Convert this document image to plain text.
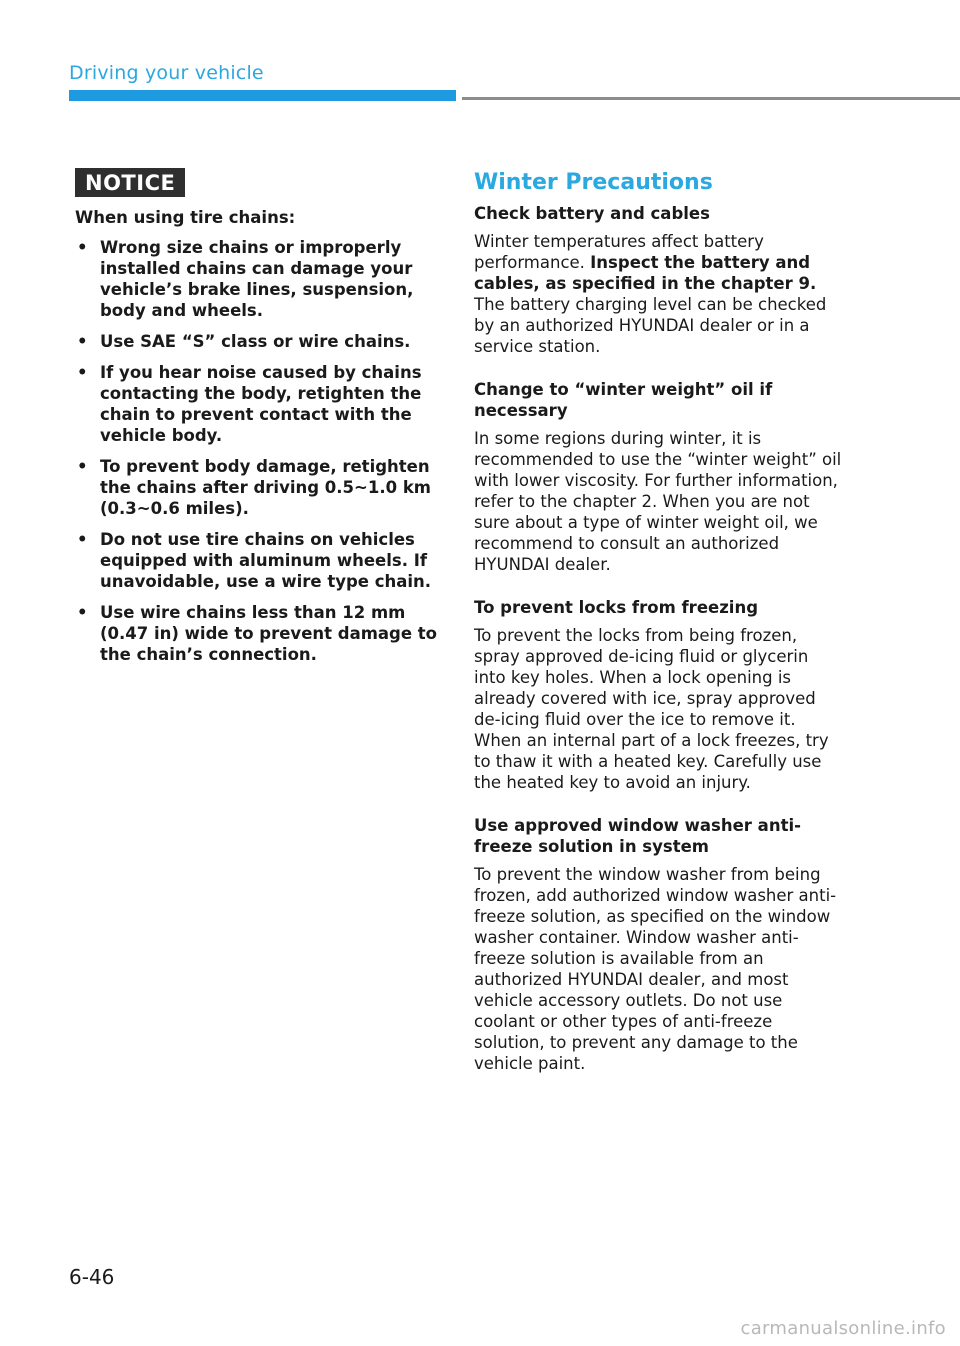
Driving your vehicle
NOTICE

When using tire chains:

• Wrong size chains or improperly installed chains can damage your vehicle’s brake lines, suspension, body and wheels.
• Use SAE “S” class or wire chains.
• If you hear noise caused by chains contacting the body, retighten the chain to prevent contact with the vehicle body.
• To prevent body damage, retighten the chains after driving 0.5~1.0 km (0.3~0.6 miles).
• Do not use tire chains on vehicles equipped with aluminum wheels. If unavoidable, use a wire type chain.
• Use wire chains less than 12 mm (0.47 in) wide to prevent damage to the chain’s connection.
Winter Precautions

Check battery and cables

Winter temperatures affect battery performance. Inspect the battery and cables, as specified in the chapter 9. The battery charging level can be checked by an authorized HYUNDAI dealer or in a service station.

Change to “winter weight” oil if necessary

In some regions during winter, it is recommended to use the “winter weight” oil with lower viscosity. For further information, refer to the chapter 2. When you are not sure about a type of winter weight oil, we recommend to consult an authorized HYUNDAI dealer.

To prevent locks from freezing

To prevent the locks from being frozen, spray approved de-icing fluid or glycerin into key holes. When a lock opening is already covered with ice, spray approved de-icing fluid over the ice to remove it. When an internal part of a lock freezes, try to thaw it with a heated key. Carefully use the heated key to avoid an injury.

Use approved window washer anti-freeze solution in system

To prevent the window washer from being frozen, add authorized window washer anti-freeze solution, as specified on the window washer container. Window washer anti-freeze solution is available from an authorized HYUNDAI dealer, and most vehicle accessory outlets. Do not use coolant or other types of anti-freeze solution, to prevent any damage to the vehicle paint.

6-46
carmanualsonline.info
